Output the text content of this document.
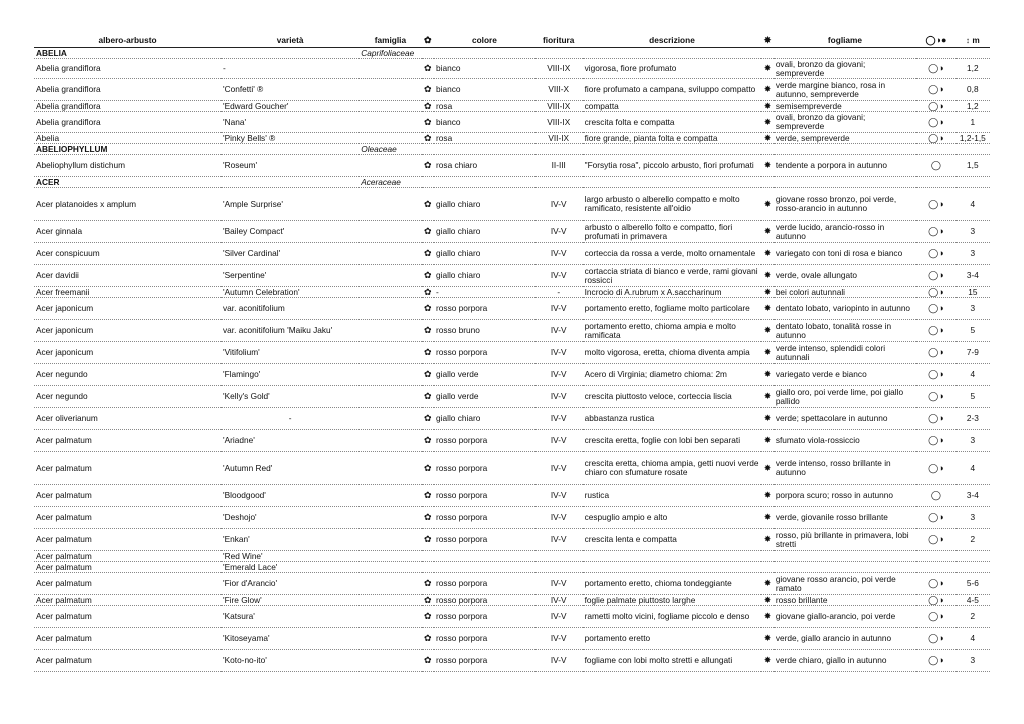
albero-arbusto	varietà	famiglia	✿	colore	fioritura	descrizione	✸	fogliame	◯◑●	↕ m
ABELIA		Caprifoliaceae								
Abelia grandiflora	-		✿	bianco	VIII-IX	vigorosa, fiore profumato	✸	ovali, bronzo da giovani; sempreverde	◯◑	1,2
Abelia grandiflora	'Confetti' ®		✿	bianco	VIII-X	fiore profumato a campana, sviluppo compatto	✸	verde margine bianco, rosa in autunno, sempreverde	◯◑	0,8
Abelia grandiflora	'Edward Goucher'		✿	rosa	VIII-IX	compatta	✸	semisempreverde	◯◑	1,2
Abelia grandiflora	'Nana'		✿	bianco	VIII-IX	crescita folta e compatta	✸	ovali, bronzo da giovani; sempreverde	◯◑	1
Abelia	'Pinky Bells' ®		✿	rosa	VII-IX	fiore grande, pianta folta e compatta	✸	verde, sempreverde	◯◑	1,2-1,5
ABELIOPHYLLUM		Oleaceae								
Abeliophyllum distichum	'Roseum'		✿	rosa chiaro	II-III	"Forsytia rosa", piccolo arbusto, fiori profumati	✸	tendente a porpora in autunno	◯	1,5
ACER		Aceraceae								
Acer platanoides x amplum	'Ample Surprise'		✿	giallo chiaro	IV-V	largo arbusto o alberello compatto e molto ramificato, resistente all'oidio	✸	giovane rosso bronzo, poi verde, rosso-arancio in autunno	◯◑	4
Acer ginnala	'Bailey Compact'		✿	giallo chiaro	IV-V	arbusto o alberello folto e compatto, fiori profumati in primavera	✸	verde lucido, arancio-rosso in autunno	◯◑	3
Acer conspicuum	'Silver Cardinal'		✿	giallo chiaro	IV-V	corteccia da rossa a verde, molto ornamentale	✸	variegato con toni di rosa e bianco	◯◑	3
Acer davidii	'Serpentine'		✿	giallo chiaro	IV-V	cortaccia striata di bianco e verde, rami giovani rossicci	✸	verde, ovale allungato	◯◑	3-4
Acer freemanii	'Autumn Celebration'		✿	-	-	Incrocio di A.rubrum x A.saccharinum	✸	bei colori autunnali	◯◑	15
Acer japonicum	var. aconitifolium		✿	rosso porpora	IV-V	portamento eretto, fogliame molto particolare	✸	dentato lobato, variopinto in autunno	◯◑	3
Acer japonicum	var. aconitifolium 'Maiku Jaku'		✿	rosso bruno	IV-V	portamento eretto, chioma ampia e molto ramificata	✸	dentato lobato, tonalità rosse in autunno	◯◑	5
Acer japonicum	'Vitifolium'		✿	rosso porpora	IV-V	molto vigorosa, eretta, chioma diventa ampia	✸	verde intenso, splendidi colori autunnali	◯◑	7-9
Acer negundo	'Flamingo'		✿	giallo verde	IV-V	Acero di Virginia; diametro chioma: 2m	✸	variegato verde e bianco	◯◑	4
Acer negundo	'Kelly's Gold'		✿	giallo verde	IV-V	crescita piuttosto veloce, corteccia liscia	✸	giallo oro, poi verde lime, poi giallo pallido	◯◑	5
Acer oliverianum	-		✿	giallo chiaro	IV-V	abbastanza rustica	✸	verde; spettacolare in autunno	◯◑	2-3
Acer palmatum	'Ariadne'		✿	rosso porpora	IV-V	crescita eretta, foglie con lobi ben separati	✸	sfumato viola-rossiccio	◯◑	3
Acer palmatum	'Autumn Red'		✿	rosso porpora	IV-V	crescita eretta, chioma ampia, getti nuovi verde chiaro con sfumature rosate	✸	verde intenso, rosso brillante in autunno	◯◑	4
Acer palmatum	'Bloodgood'		✿	rosso porpora	IV-V	rustica	✸	porpora scuro; rosso in autunno	◯	3-4
Acer palmatum	'Deshojo'		✿	rosso porpora	IV-V	cespuglio ampio e alto	✸	verde, giovanile rosso brillante	◯◑	3
Acer palmatum	'Enkan'		✿	rosso porpora	IV-V	crescita lenta e compatta	✸	rosso, più brillante in primavera, lobi stretti	◯◑	2
Acer palmatum	'Red Wine'									
Acer palmatum	'Emerald Lace'									
Acer palmatum	'Fior d'Arancio'		✿	rosso porpora	IV-V	portamento eretto, chioma tondeggiante	✸	giovane rosso arancio, poi verde ramato	◯◑	5-6
Acer palmatum	'Fire Glow'		✿	rosso porpora	IV-V	foglie palmate piuttosto larghe	✸	rosso brillante	◯◑	4-5
Acer palmatum	'Katsura'		✿	rosso porpora	IV-V	rametti molto vicini, fogliame piccolo e denso	✸	giovane giallo-arancio, poi verde	◯◑	2
Acer palmatum	'Kitoseyama'		✿	rosso porpora	IV-V	portamento eretto	✸	verde, giallo arancio in autunno	◯◑	4
Acer palmatum	'Koto-no-ito'		✿	rosso porpora	IV-V	fogliame con lobi molto stretti e allungati	✸	verde chiaro, giallo in autunno	◯◑	3
